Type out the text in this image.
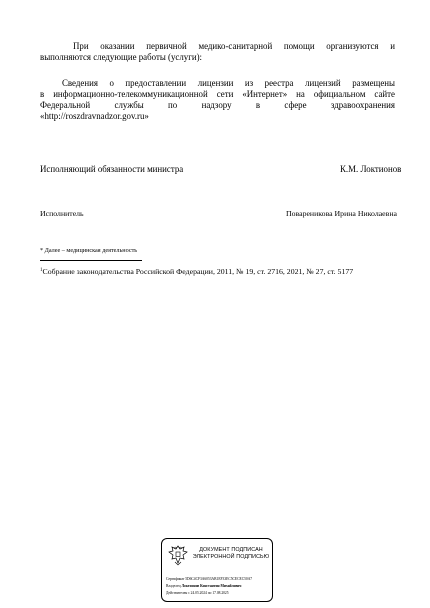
При оказании первичной медико-санитарной помощи организуются и
выполняются следующие работы (услуги):
Сведения о предоставлении лицензии из реестра лицензий размещены
в информационно-телекоммуникационной сети «Интернет» на официальном сайте
Федеральной службы по надзору в сфере здравоохранения
«http://roszdravnadzor.gov.ru»
Исполняющий обязанности министра	К.М. Локтионов
Исполнитель	Повареникова Ирина Николаевна
* Далее – медицинская деятельность
$^1$Собрание законодательства Российской Федерации, 2011, № 19, ст. 2716, 2021, № 27, ст. 5177
ДОКУМЕНТ ПОДПИСАН
ЭЛЕКТРОННОЙ ПОДПИСЬЮ
Сертификат 5D6C4CF3A6053AB1EF33EC5CECEC50A7
Владелец Локтионов Константин Михайлович
Действителен с 24.05.2024 по 17.08.2025
